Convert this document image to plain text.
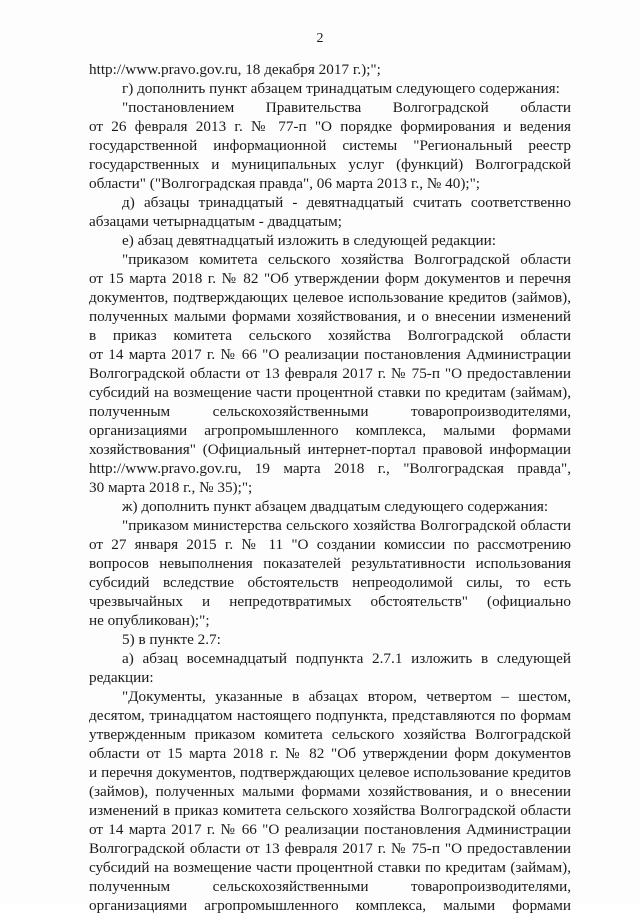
2
http://www.pravo.gov.ru, 18 декабря 2017 г.);";
г) дополнить пункт абзацем тринадцатым следующего содержания:
"постановлением Правительства Волгоградской области
от 26 февраля 2013 г. № 77-п "О порядке формирования и ведения
государственной информационной системы "Региональный реестр
государственных и муниципальных услуг (функций) Волгоградской
области" ("Волгоградская правда", 06 марта 2013 г., № 40);";
д) абзацы тринадцатый - девятнадцатый считать соответственно
абзацами четырнадцатым - двадцатым;
е) абзац девятнадцатый изложить в следующей редакции:
"приказом комитета сельского хозяйства Волгоградской области
от 15 марта 2018 г. № 82 "Об утверждении форм документов и перечня
документов, подтверждающих целевое использование кредитов (займов),
полученных малыми формами хозяйствования, и о внесении изменений
в приказ комитета сельского хозяйства Волгоградской области
от 14 марта 2017 г. № 66 "О реализации постановления Администрации
Волгоградской области от 13 февраля 2017 г. № 75-п "О предоставлении
субсидий на возмещение части процентной ставки по кредитам (займам),
полученным сельскохозяйственными товаропроизводителями,
организациями агропромышленного комплекса, малыми формами
хозяйствования" (Официальный интернет-портал правовой информации
http://www.pravo.gov.ru, 19 марта 2018 г., "Волгоградская правда",
30 марта 2018 г., № 35);";
ж) дополнить пункт абзацем двадцатым следующего содержания:
"приказом министерства сельского хозяйства Волгоградской области
от 27 января 2015 г. № 11 "О создании комиссии по рассмотрению
вопросов невыполнения показателей результативности использования
субсидий вследствие обстоятельств непреодолимой силы, то есть
чрезвычайных и непредотвратимых обстоятельств" (официально
не опубликован);";
5) в пункте 2.7:
а) абзац восемнадцатый подпункта 2.7.1 изложить в следующей
редакции:
"Документы, указанные в абзацах втором, четвертом – шестом,
десятом, тринадцатом настоящего подпункта, представляются по формам
утвержденным приказом комитета сельского хозяйства Волгоградской
области от 15 марта 2018 г. № 82 "Об утверждении форм документов
и перечня документов, подтверждающих целевое использование кредитов
(займов), полученных малыми формами хозяйствования, и о внесении
изменений в приказ комитета сельского хозяйства Волгоградской области
от 14 марта 2017 г. № 66 "О реализации постановления Администрации
Волгоградской области от 13 февраля 2017 г. № 75-п "О предоставлении
субсидий на возмещение части процентной ставки по кредитам (займам),
полученным сельскохозяйственными товаропроизводителями,
организациями агропромышленного комплекса, малыми формами
